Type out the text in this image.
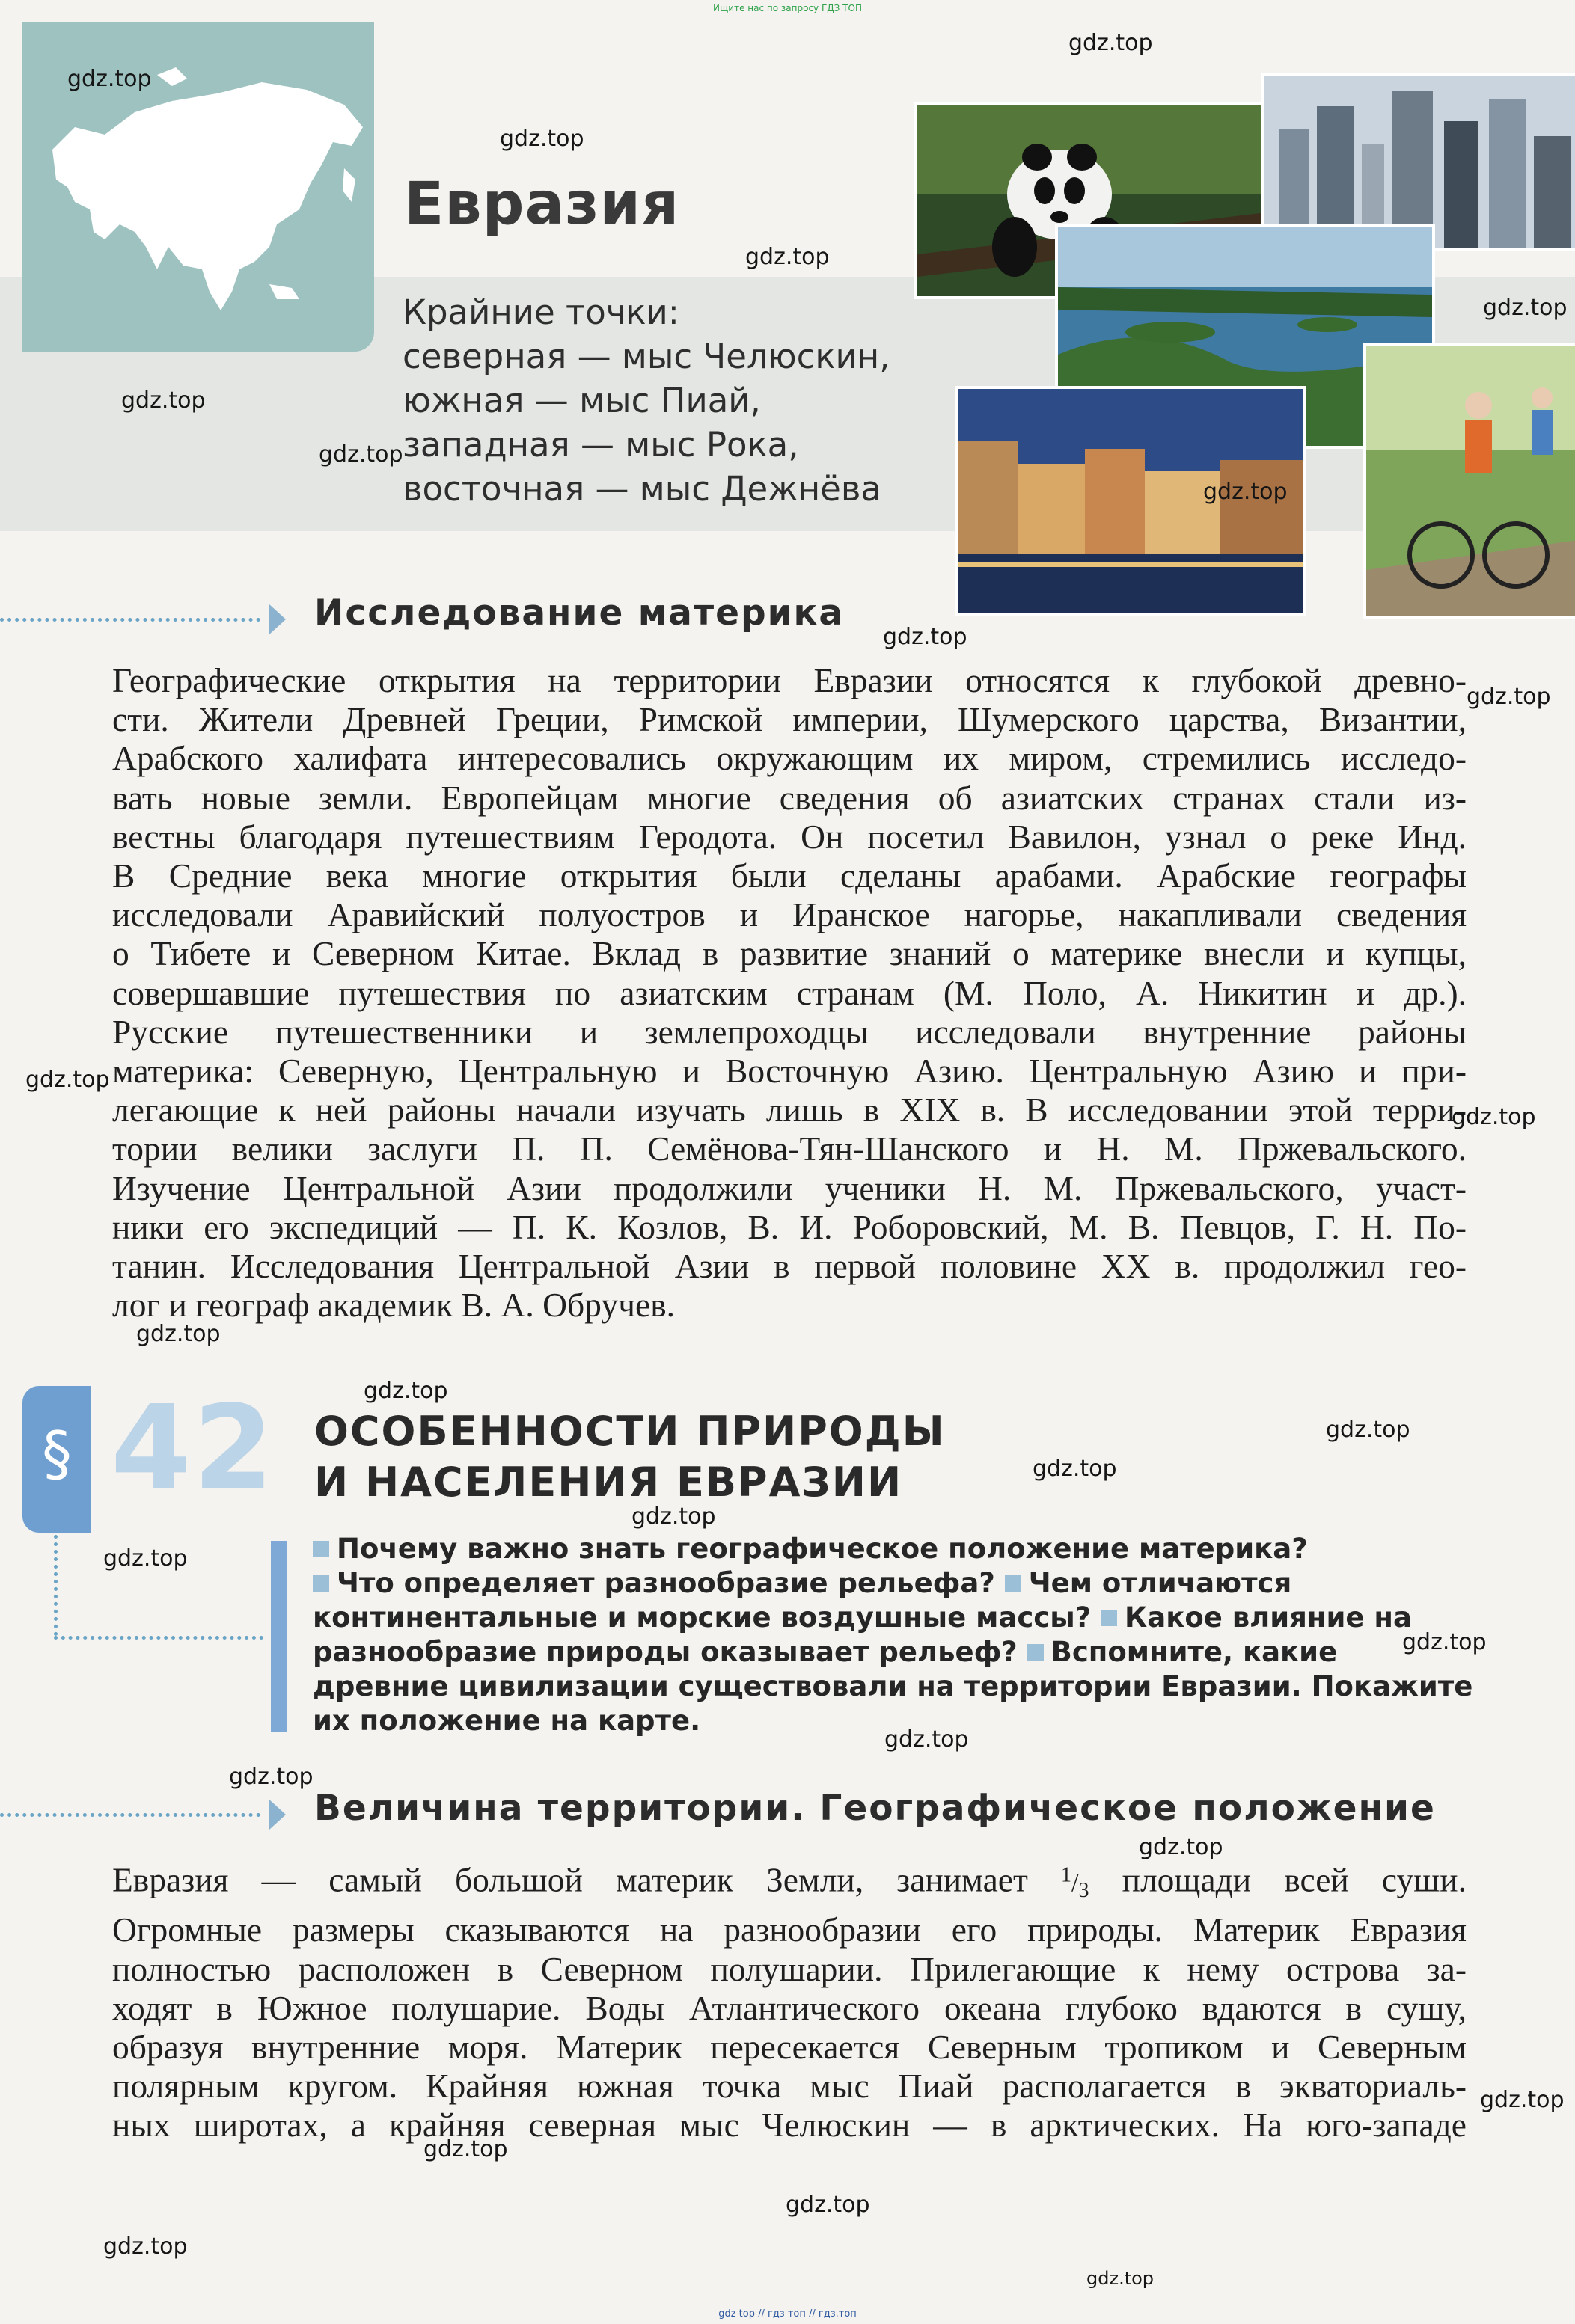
Ищите нас по запросу ГДЗ ТОП
Евразия
Крайние точки:
северная — мыс Челюскин,
южная — мыс Пиай,
западная — мыс Рока,
восточная — мыс Дежнёва
Исследование материка
Географические открытия на территории Евразии относятся к глубокой древно-
сти. Жители Древней Греции, Римской империи, Шумерского царства, Византии,
Арабского халифата интересовались окружающим их миром, стремились исследо-
вать новые земли. Европейцам многие сведения об азиатских странах стали из-
вестны благодаря путешествиям Геродота. Он посетил Вавилон, узнал о реке Инд.
В Средние века многие открытия были сделаны арабами. Арабские географы
исследовали Аравийский полуостров и Иранское нагорье, накапливали сведения
о Тибете и Северном Китае. Вклад в развитие знаний о материке внесли и купцы,
совершавшие путешествия по азиатским странам (М. Поло, А. Никитин и др.).
Русские путешественники и землепроходцы исследовали внутренние районы
материка: Северную, Центральную и Восточную Азию. Центральную Азию и при-
легающие к ней районы начали изучать лишь в XIX в. В исследовании этой терри-
тории велики заслуги П. П. Семёнова-Тян-Шанского и Н. М. Пржевальского.
Изучение Центральной Азии продолжили ученики Н. М. Пржевальского, участ-
ники его экспедиций — П. К. Козлов, В. И. Роборовский, М. В. Певцов, Г. Н. По-
танин. Исследования Центральной Азии в первой половине XX в. продолжил гео-
лог и географ академик В. А. Обручев.
§ 42 ОСОБЕННОСТИ ПРИРОДЫ
И НАСЕЛЕНИЯ ЕВРАЗИИ
Почему важно знать географическое положение материка?
Что определяет разнообразие рельефа? Чем отличаются континентальные и морские воздушные массы? Какое влияние на разнообразие природы оказывает рельеф? Вспомните, какие древние цивилизации существовали на территории Евразии. Покажите их положение на карте.
Величина территории. Географическое положение
Евразия — самый большой материк Земли, занимает $^1/_3$ площади всей суши.
Огромные размеры сказываются на разнообразии его природы. Материк Евразия
полностью расположен в Северном полушарии. Прилегающие к нему острова за-
ходят в Южное полушарие. Воды Атлантического океана глубоко вдаются в сушу,
образуя внутренние моря. Материк пересекается Северным тропиком и Северным
полярным кругом. Крайняя южная точка мыс Пиай располагается в экваториаль-
ных широтах, а крайняя северная мыс Челюскин — в арктических. На юго-западе
gdz.top
gdz.top
gdz.top
gdz.top
gdz.top
gdz.top
gdz.top
gdz.top
gdz.top
gdz.top
gdz.top
gdz.top
gdz.top
gdz.top
gdz.top
gdz.top
gdz.top
gdz.top
gdz.top
gdz.top
gdz.top
gdz.top
gdz.top
gdz.top
gdz.top
gdz.top
gdz.top
gdz top // гдз топ // гдз.топ
